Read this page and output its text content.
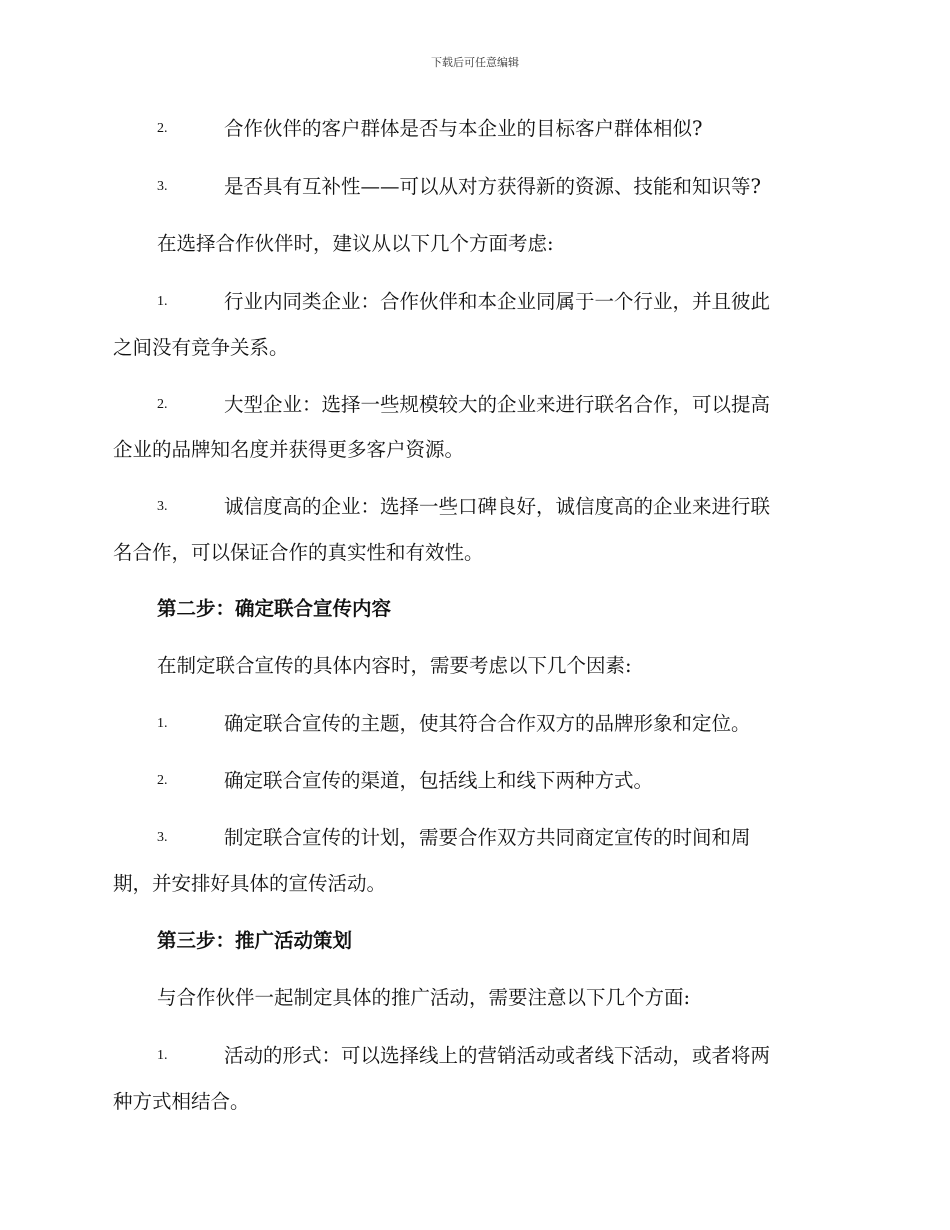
下载后可任意编辑
2.	合作伙伴的客户群体是否与本企业的目标客户群体相似?
3.	是否具有互补性——可以从对方获得新的资源、技能和知识等?
在选择合作伙伴时，建议从以下几个方面考虑:
1.	行业内同类企业：合作伙伴和本企业同属于一个行业，并且彼此
之间没有竞争关系。
2.	大型企业：选择一些规模较大的企业来进行联名合作，可以提高
企业的品牌知名度并获得更多客户资源。
3.	诚信度高的企业：选择一些口碑良好，诚信度高的企业来进行联
名合作，可以保证合作的真实性和有效性。
第二步：确定联合宣传内容
在制定联合宣传的具体内容时，需要考虑以下几个因素:
1.	确定联合宣传的主题，使其符合合作双方的品牌形象和定位。
2.	确定联合宣传的渠道，包括线上和线下两种方式。
3.	制定联合宣传的计划，需要合作双方共同商定宣传的时间和周
期，并安排好具体的宣传活动。
第三步：推广活动策划
与合作伙伴一起制定具体的推广活动，需要注意以下几个方面:
1.	活动的形式：可以选择线上的营销活动或者线下活动，或者将两
种方式相结合。
